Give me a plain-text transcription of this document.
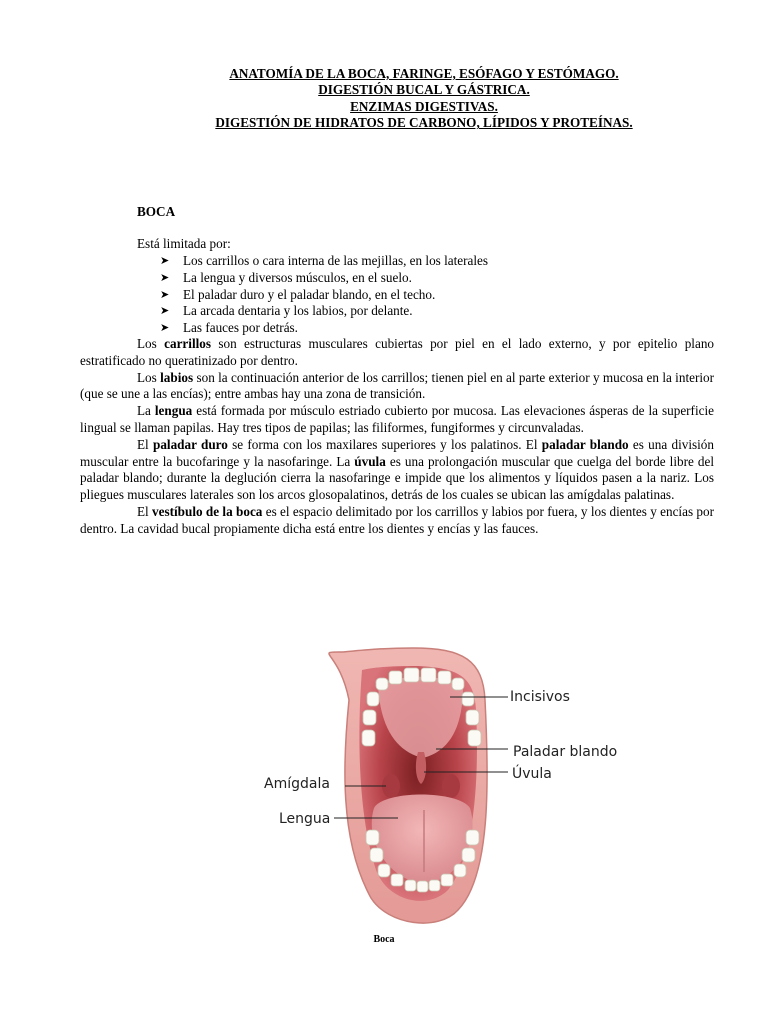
ANATOMÍA DE LA BOCA, FARINGE, ESÓFAGO Y ESTÓMAGO.
DIGESTIÓN BUCAL Y GÁSTRICA.
ENZIMAS DIGESTIVAS.
DIGESTIÓN DE HIDRATOS DE CARBONO, LÍPIDOS Y PROTEÍNAS.
BOCA
Está limitada por:
➤ Los carrillos o cara interna de las mejillas, en los laterales
➤ La lengua y diversos músculos, en el suelo.
➤ El paladar duro y el paladar blando, en el techo.
➤ La arcada dentaria y los labios, por delante.
➤ Las fauces por detrás.

Los carrillos son estructuras musculares cubiertas por piel en el lado externo, y por epitelio plano estratificado no queratinizado por dentro.

Los labios son la continuación anterior de los carrillos; tienen piel en al parte exterior y mucosa en la interior (que se une a las encías); entre ambas hay una zona de transición.

La lengua está formada por músculo estriado cubierto por mucosa. Las elevaciones ásperas de la superficie lingual se llaman papilas. Hay tres tipos de papilas; las filiformes, fungiformes y circunvaladas.

El paladar duro se forma con los maxilares superiores y los palatinos. El paladar blando es una división muscular entre la bucofaringe y la nasofaringe. La úvula es una prolongación muscular que cuelga del borde libre del paladar blando; durante la deglución cierra la nasofaringe e impide que los alimentos y líquidos pasen a la nariz. Los pliegues musculares laterales son los arcos glosopalatinos, detrás de los cuales se ubican las amígdalas palatinas.

El vestíbulo de la boca es el espacio delimitado por los carrillos y labios por fuera, y los dientes y encías por dentro. La cavidad bucal propiamente dicha está entre los dientes y encías y las fauces.

Incisivos
Paladar blando
Úvula
Amígdala
Lengua
Boca
